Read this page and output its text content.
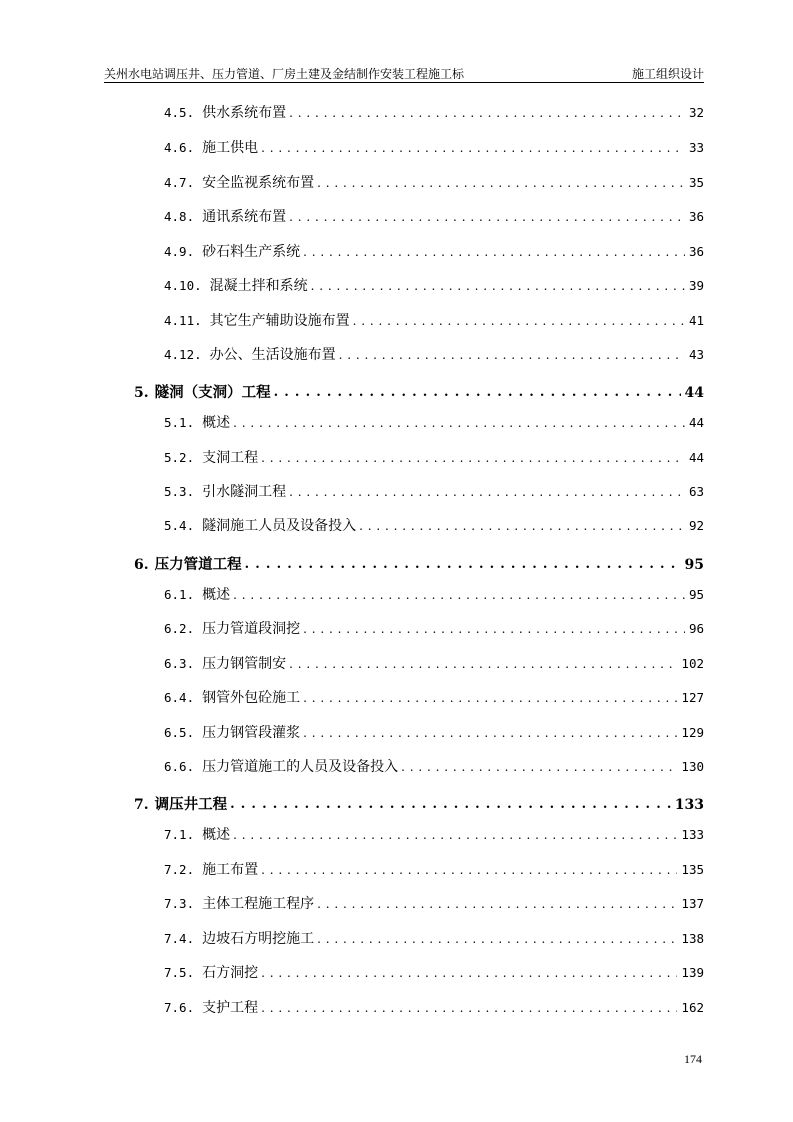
关州水电站调压井、压力管道、厂房土建及金结制作安装工程施工标	施工组织设计
4.5. 供水系统布置 . . .	32
4.6. 施工供电 . . .	33
4.7. 安全监视系统布置 . . .	35
4.8. 通讯系统布置 . . .	36
4.9. 砂石料生产系统 . . .	36
4.10. 混凝土拌和系统 . . .	39
4.11. 其它生产辅助设施布置 . . .	41
4.12. 办公、生活设施布置 . . .	43
5. 隧洞（支洞）工程 . . .	44
5.1. 概述 . . .	44
5.2. 支洞工程 . . .	44
5.3. 引水隧洞工程 . . .	63
5.4. 隧洞施工人员及设备投入 . . .	92
6. 压力管道工程 . . .	95
6.1. 概述 . . .	95
6.2. 压力管道段洞挖 . . .	96
6.3. 压力钢管制安 . . .	102
6.4. 钢管外包砼施工 . . .	127
6.5. 压力钢管段灌浆 . . .	129
6.6. 压力管道施工的人员及设备投入 . . .	130
7. 调压井工程 . . .	133
7.1. 概述 . . .	133
7.2. 施工布置 . . .	135
7.3. 主体工程施工程序 . . .	137
7.4. 边坡石方明挖施工 . . .	138
7.5. 石方洞挖 . . .	139
7.6. 支护工程 . . .	162
174
